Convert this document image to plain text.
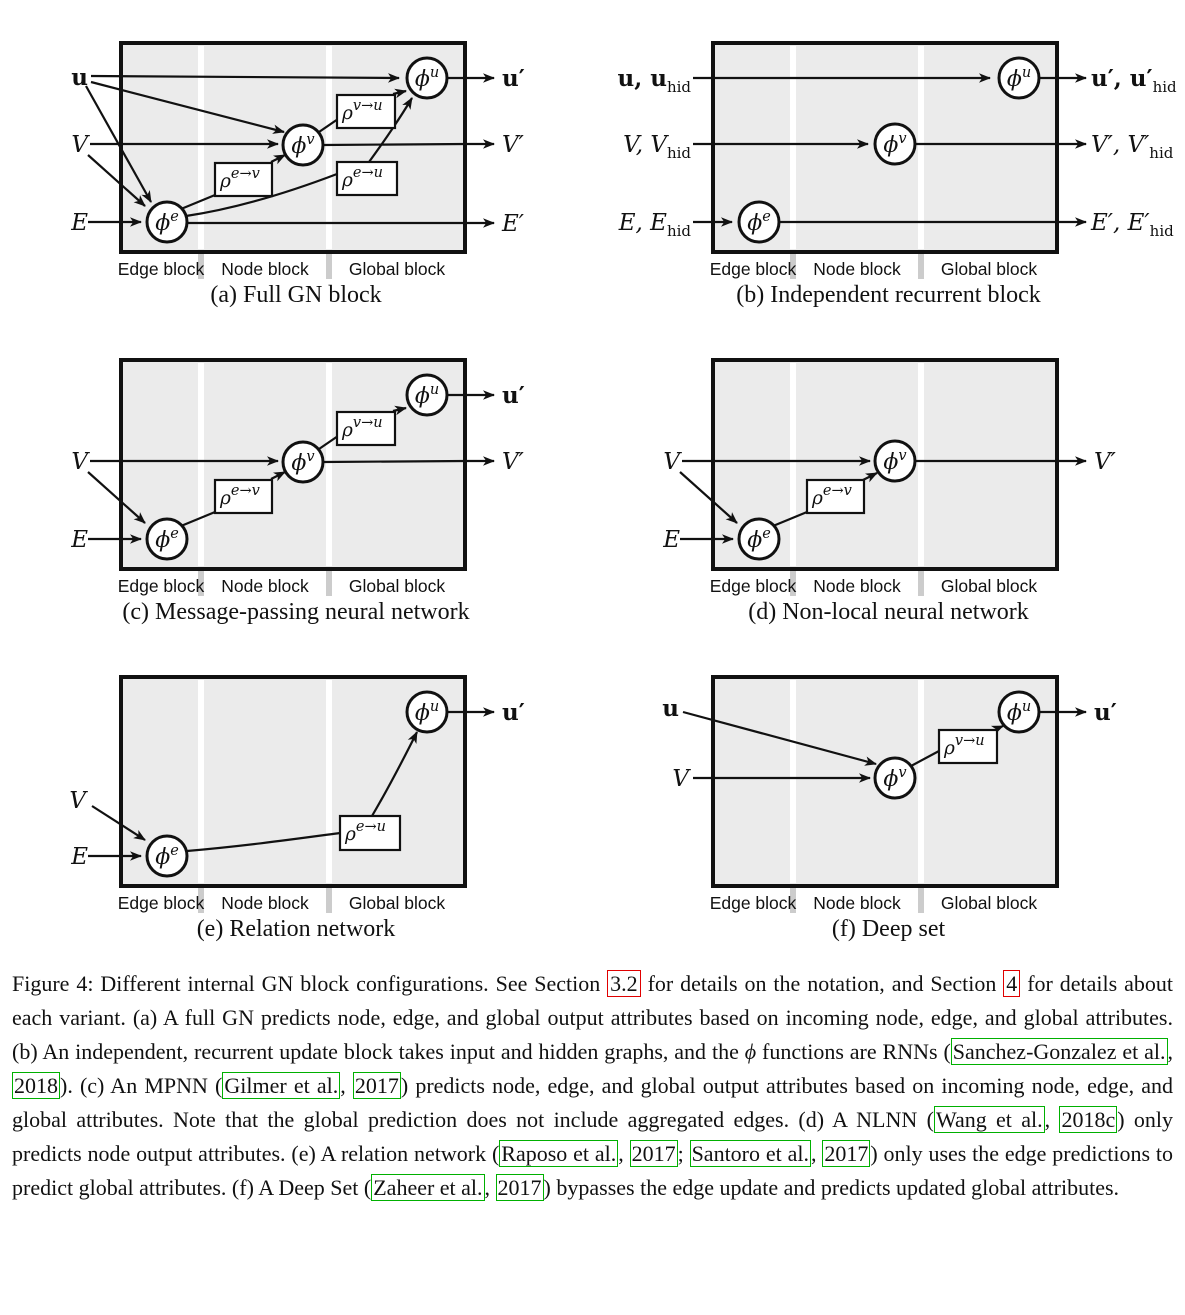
$\phi^e$
$\phi^v$
$\phi^u$
$\rho^{e\to v}$
$\rho^{v\to u}$
$\rho^{e\to u}$
u
V
E
u′
V′
E′
Edge block Node block Global block
(a) Full GN block
$\phi^e$
$\phi^v$
$\phi^u$
u, $u_{hid}$
V, $V_{hid}$
E, $E_{hid}$
u′, $u'_{hid}$
V′, $V'_{hid}$
E′, $E'_{hid}$
Edge block Node block Global block
(b) Independent recurrent block
$\phi^e$
$\phi^v$
$\phi^u$
$\rho^{e\to v}$
$\rho^{v\to u}$
V
E
u′
V′
Edge block Node block Global block
(c) Message-passing neural network
$\phi^e$
$\phi^v$
$\rho^{e\to v}$
V
E
V′
Edge block Node block Global block
(d) Non-local neural network
$\phi^e$
$\phi^u$
$\rho^{e\to u}$
V
E
u′
Edge block Node block Global block
(e) Relation network
$\phi^v$
$\phi^u$
$\rho^{v\to u}$
u
V
u′
Edge block Node block Global block
(f) Deep set

Figure 4: Different internal GN block configurations. See Section 3.2 for details on the notation, and Section 4 for details about each variant. (a) A full GN predicts node, edge, and global output attributes based on incoming node, edge, and global attributes. (b) An independent, recurrent update block takes input and hidden graphs, and the ϕ functions are RNNs (Sanchez-Gonzalez et al., 2018). (c) An MPNN (Gilmer et al., 2017) predicts node, edge, and global output attributes based on incoming node, edge, and global attributes. Note that the global prediction does not include aggregated edges. (d) A NLNN (Wang et al., 2018c) only predicts node output attributes. (e) A relation network (Raposo et al., 2017; Santoro et al., 2017) only uses the edge predictions to predict global attributes. (f) A Deep Set (Zaheer et al., 2017) bypasses the edge update and predicts updated global attributes.
